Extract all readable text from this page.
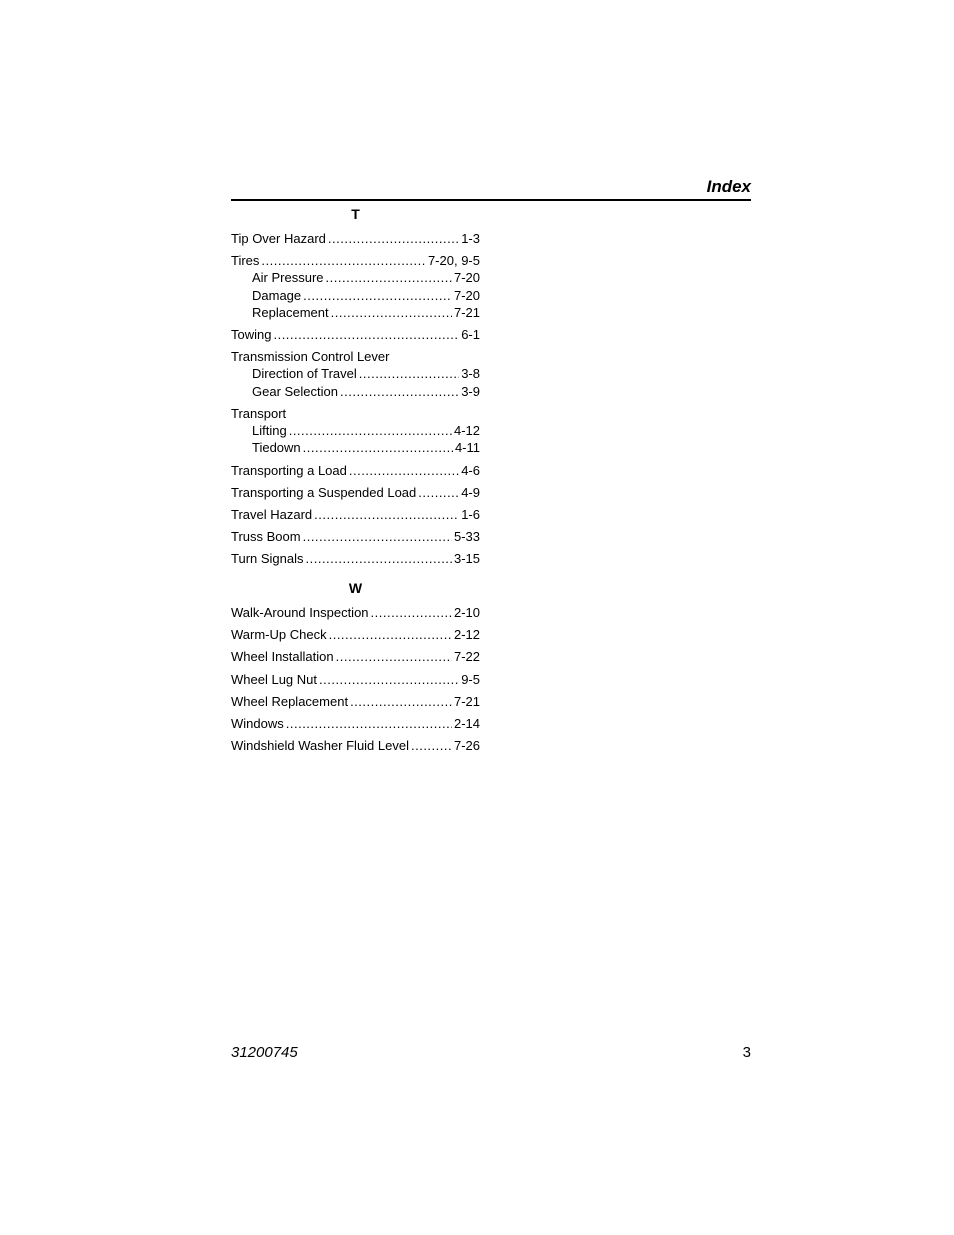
Index
T
Tip Over Hazard .....	1-3
Tires .....	7-20, 9-5
Air Pressure .....	7-20
Damage .....	7-20
Replacement .....	7-21
Towing .....	6-1
Transmission Control Lever
Direction of Travel .....	3-8
Gear Selection .....	3-9
Transport
Lifting .....	4-12
Tiedown .....	4-11
Transporting a Load .....	4-6
Transporting a Suspended Load .....	4-9
Travel Hazard .....	1-6
Truss Boom .....	5-33
Turn Signals .....	3-15
W
Walk-Around Inspection .....	2-10
Warm-Up Check .....	2-12
Wheel Installation .....	7-22
Wheel Lug Nut .....	9-5
Wheel Replacement .....	7-21
Windows .....	2-14
Windshield Washer Fluid Level .....	7-26
31200745	3
